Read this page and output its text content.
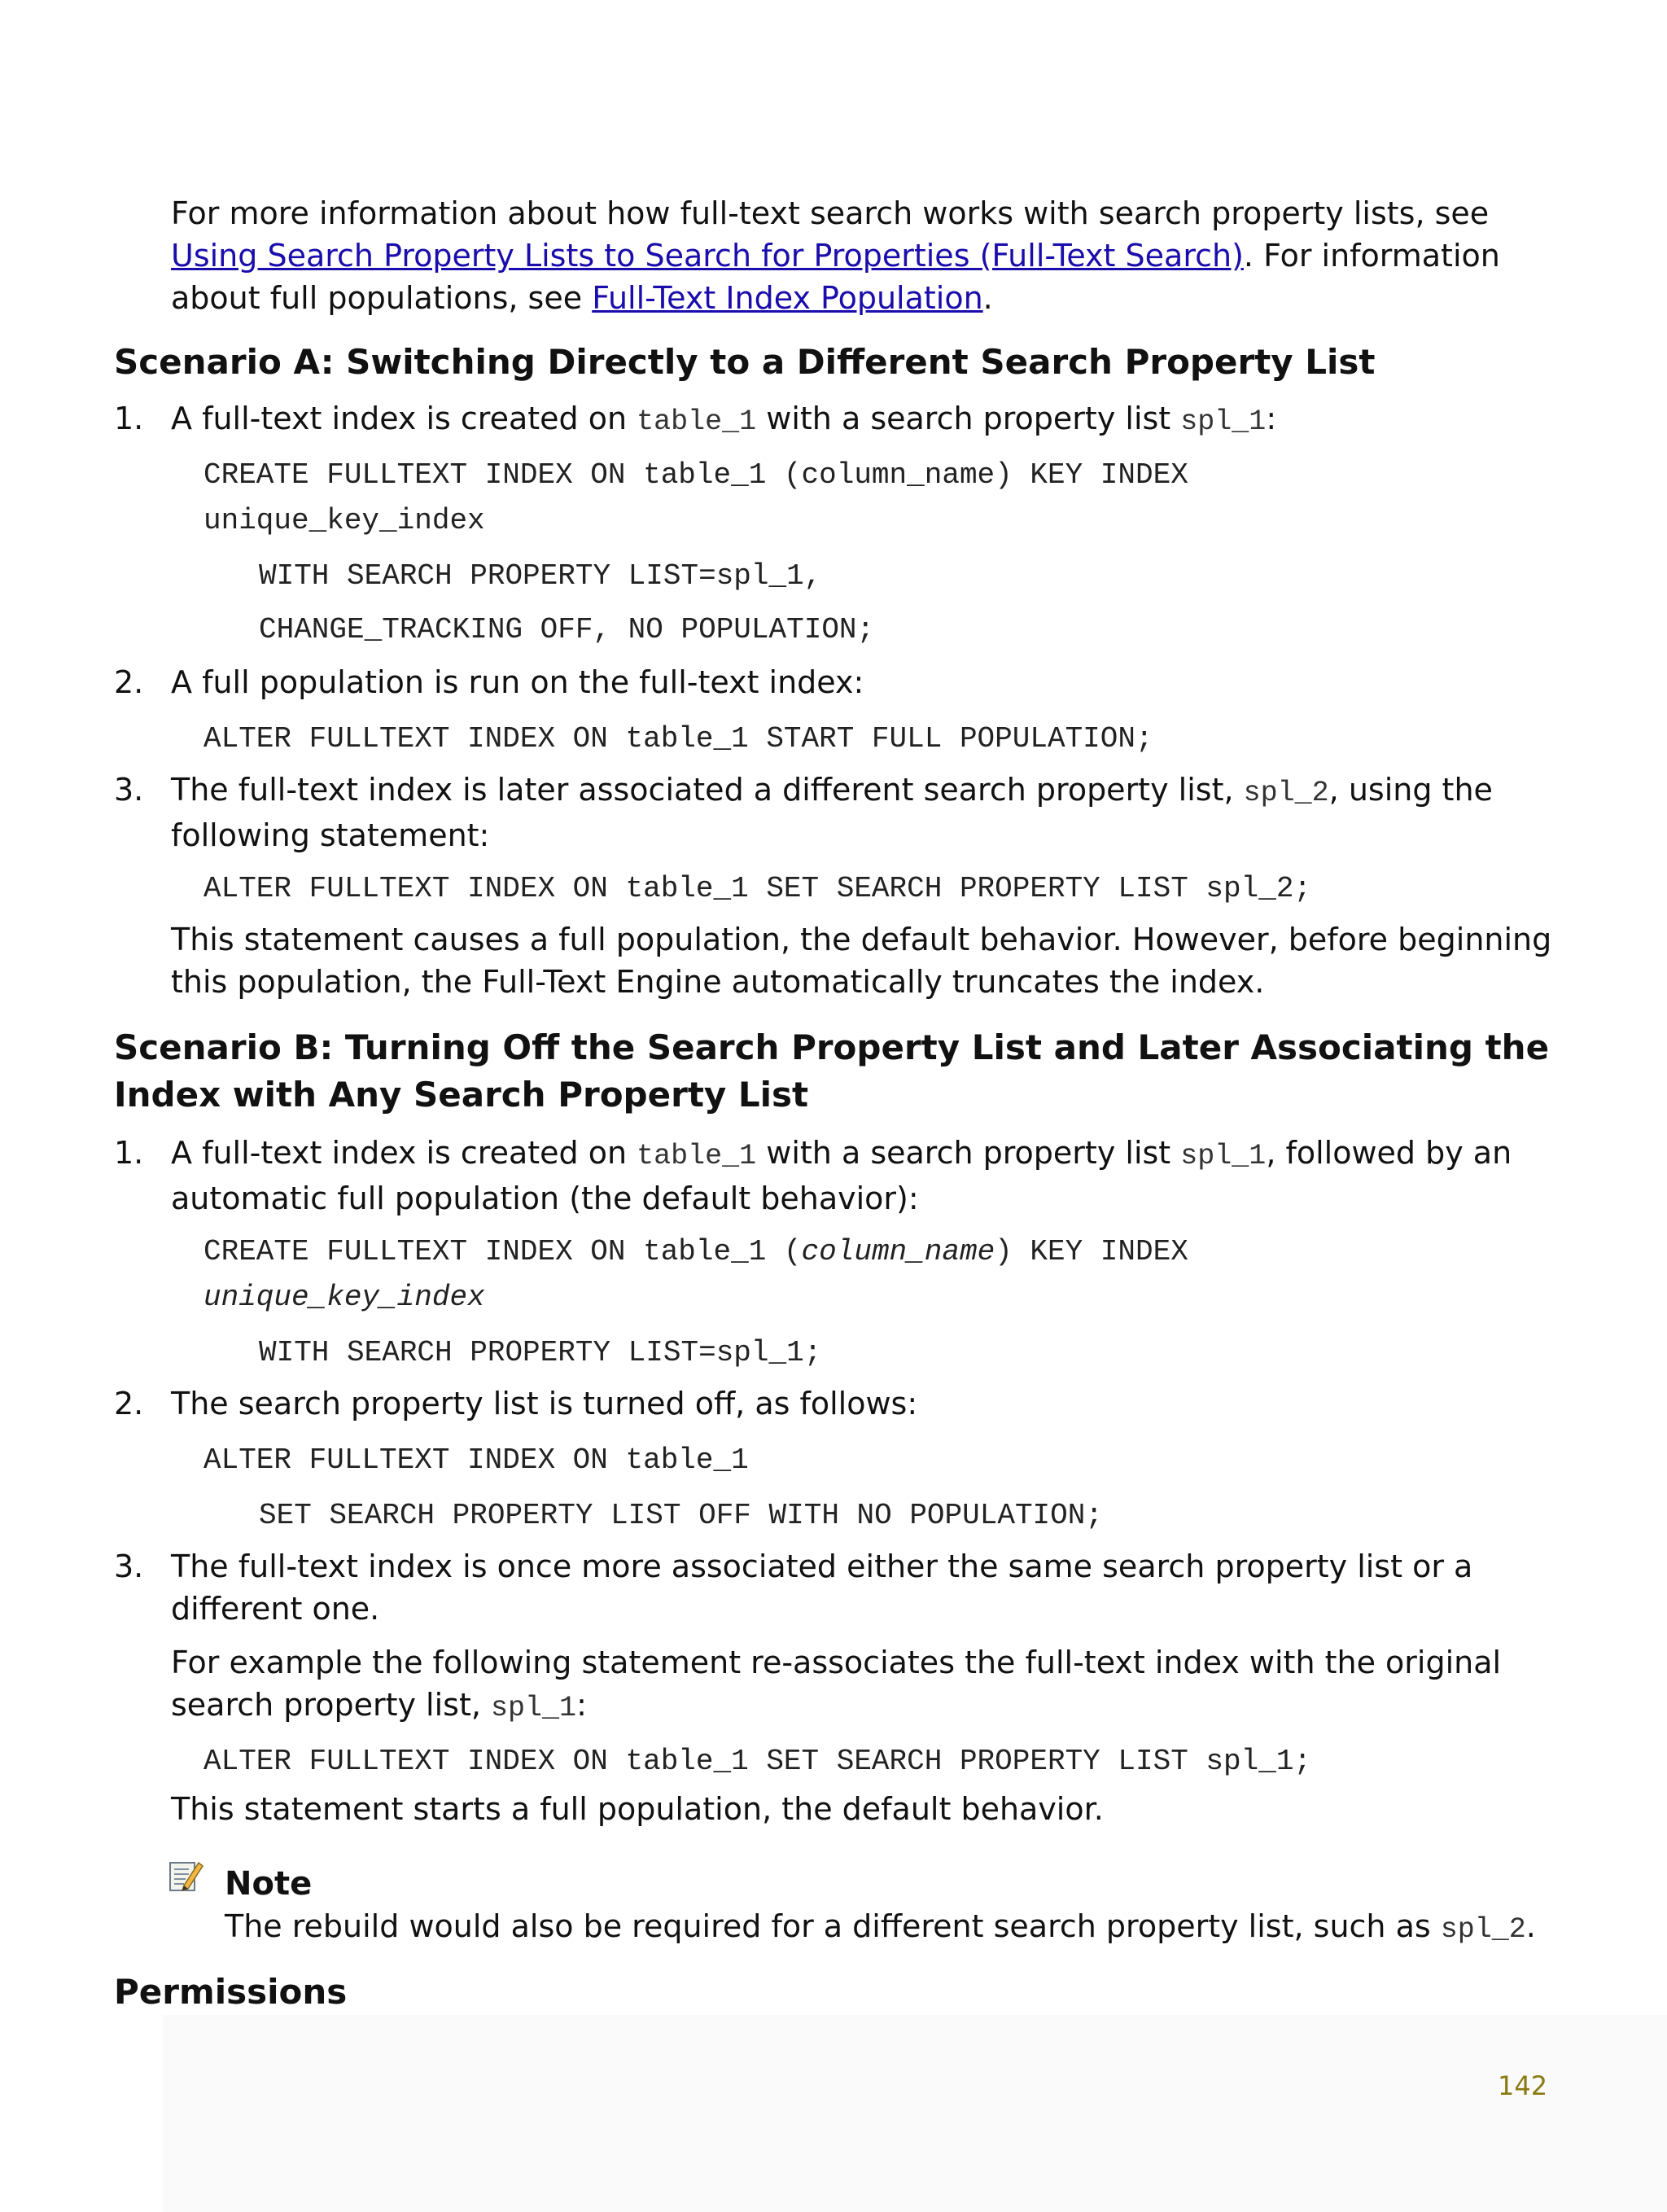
For more information about how full-text search works with search property lists, see
Using Search Property Lists to Search for Properties (Full-Text Search). For information about full populations, see Full-Text Index Population.

Scenario A: Switching Directly to a Different Search Property List
1. A full-text index is created on table_1 with a search property list spl_1:
CREATE FULLTEXT INDEX ON table_1 (column_name) KEY INDEX
unique_key_index
WITH SEARCH PROPERTY LIST=spl_1,
CHANGE_TRACKING OFF, NO POPULATION;
2. A full population is run on the full-text index:
ALTER FULLTEXT INDEX ON table_1 START FULL POPULATION;
3. The full-text index is later associated a different search property list, spl_2, using the following statement:
ALTER FULLTEXT INDEX ON table_1 SET SEARCH PROPERTY LIST spl_2;

This statement causes a full population, the default behavior. However, before beginning this population, the Full-Text Engine automatically truncates the index.

Scenario B: Turning Off the Search Property List and Later Associating the Index with Any Search Property List
1. A full-text index is created on table_1 with a search property list spl_1, followed by an automatic full population (the default behavior):
CREATE FULLTEXT INDEX ON table_1 (column_name) KEY INDEX
unique_key_index
WITH SEARCH PROPERTY LIST=spl_1;
2. The search property list is turned off, as follows:
ALTER FULLTEXT INDEX ON table_1
SET SEARCH PROPERTY LIST OFF WITH NO POPULATION;
3. The full-text index is once more associated either the same search property list or a different one.

For example the following statement re-associates the full-text index with the original search property list, spl_1:

ALTER FULLTEXT INDEX ON table_1 SET SEARCH PROPERTY LIST spl_1;

This statement starts a full population, the default behavior.

Note
The rebuild would also be required for a different search property list, such as spl_2.
Permissions
142
